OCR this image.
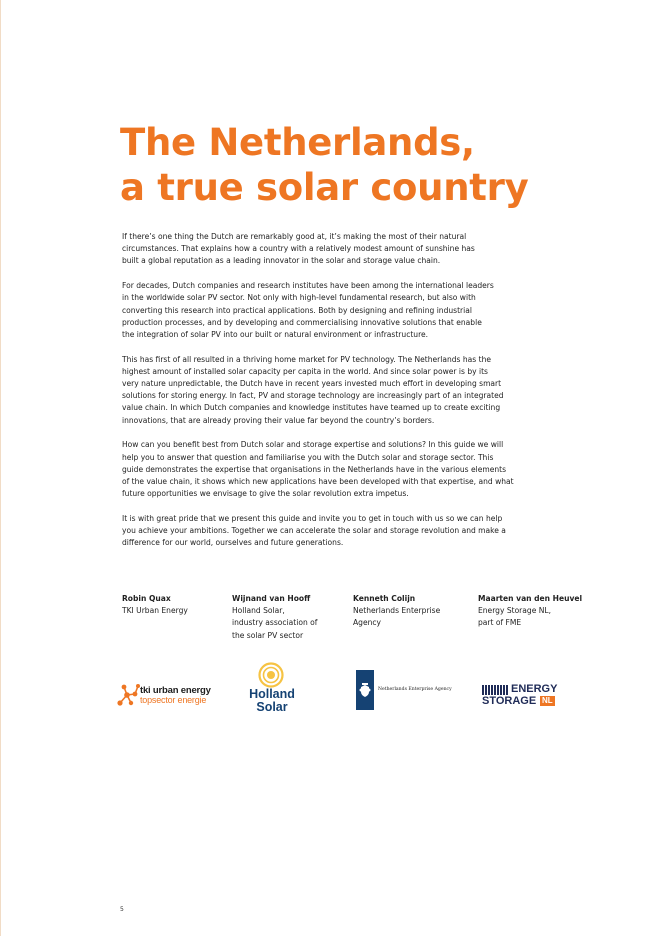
The Netherlands,
a true solar country

If there’s one thing the Dutch are remarkably good at, it’s making the most of their natural
circumstances. That explains how a country with a relatively modest amount of sunshine has
built a global reputation as a leading innovator in the solar and storage value chain.

For decades, Dutch companies and research institutes have been among the international leaders
in the worldwide solar PV sector. Not only with high-level fundamental research, but also with
converting this research into practical applications. Both by designing and refining industrial
production processes, and by developing and commercialising innovative solutions that enable
the integration of solar PV into our built or natural environment or infrastructure.

This has first of all resulted in a thriving home market for PV technology. The Netherlands has the
highest amount of installed solar capacity per capita in the world. And since solar power is by its
very nature unpredictable, the Dutch have in recent years invested much effort in developing smart
solutions for storing energy. In fact, PV and storage technology are increasingly part of an integrated
value chain. In which Dutch companies and knowledge institutes have teamed up to create exciting
innovations, that are already proving their value far beyond the country’s borders.

How can you benefit best from Dutch solar and storage expertise and solutions? In this guide we will
help you to answer that question and familiarise you with the Dutch solar and storage sector. This
guide demonstrates the expertise that organisations in the Netherlands have in the various elements
of the value chain, it shows which new applications have been developed with that expertise, and what
future opportunities we envisage to give the solar revolution extra impetus.

It is with great pride that we present this guide and invite you to get in touch with us so we can help
you achieve your ambitions. Together we can accelerate the solar and storage revolution and make a
difference for our world, ourselves and future generations.

Robin Quax
TKI Urban Energy
Wijnand van Hooff
Holland Solar,
industry association of
the solar PV sector
Kenneth Colijn
Netherlands Enterprise
Agency
Maarten van den Heuvel
Energy Storage NL,
part of FME
tki urban energy
topsector energie	Holland
Solar
Netherlands Enterprise Agency	ENERGY
STORAGE NL
5
